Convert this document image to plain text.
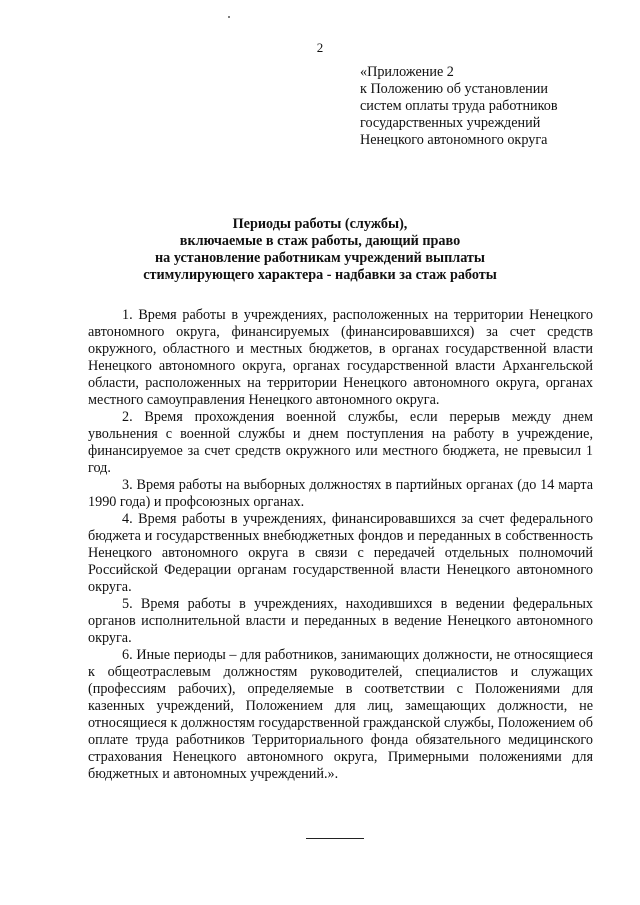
2
«Приложение 2
к Положению об установлении
систем оплаты труда работников
государственных учреждений
Ненецкого автономного округа
Периоды работы (службы),
включаемые в стаж работы, дающий право
на установление работникам учреждений выплаты
стимулирующего характера - надбавки за стаж работы

1. Время работы в учреждениях, расположенных на территории Ненецкого автономного округа, финансируемых (финансировавшихся) за счет средств окружного, областного и местных бюджетов, в органах государственной власти Ненецкого автономного округа, органах государственной власти Архангельской области, расположенных на территории Ненецкого автономного округа, органах местного самоуправления Ненецкого автономного округа.

2. Время прохождения военной службы, если перерыв между днем увольнения с военной службы и днем поступления на работу в учреждение, финансируемое за счет средств окружного или местного бюджета, не превысил 1 год.

3. Время работы на выборных должностях в партийных органах (до 14 марта 1990 года) и профсоюзных органах.

4. Время работы в учреждениях, финансировавшихся за счет федерального бюджета и государственных внебюджетных фондов и переданных в собственность Ненецкого автономного округа в связи с передачей отдельных полномочий Российской Федерации органам государственной власти Ненецкого автономного округа.

5. Время работы в учреждениях, находившихся в ведении федеральных органов исполнительной власти и переданных в ведение Ненецкого автономного округа.

6. Иные периоды – для работников, занимающих должности, не относящиеся к общеотраслевым должностям руководителей, специалистов и служащих (профессиям рабочих), определяемые в соответствии с Положениями для казенных учреждений, Положением для лиц, замещающих должности, не относящиеся к должностям государственной гражданской службы, Положением об оплате труда работников Территориального фонда обязательного медицинского страхования Ненецкого автономного округа, Примерными положениями для бюджетных и автономных учреждений.».
